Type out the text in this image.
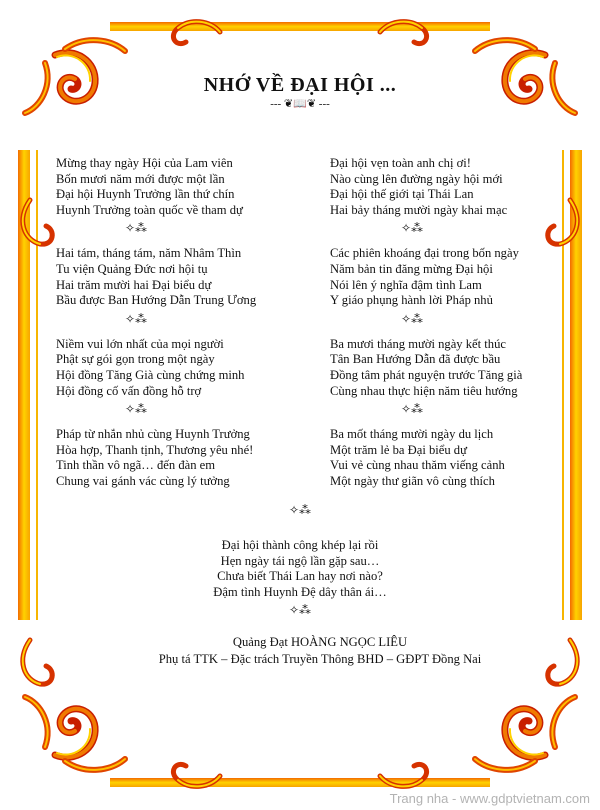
NHỚ VỀ ĐẠI HỘI ...
--- ❦📖❦ ---
Mừng thay ngày Hội của Lam viên
Bốn mươi năm mới được một lần
Đại hội Huynh Trưởng lần thứ chín
Huynh Trưởng toàn quốc về tham dự
✧⁂
Hai tám, tháng tám, năm Nhâm Thìn
Tu viện Quảng Đức nơi hội tụ
Hai trăm mười hai Đại biểu dự
Bầu được Ban Hướng Dẫn Trung Ương
✧⁂
Niềm vui lớn nhất của mọi người
Phật sự gói gọn trong một ngày
Hội đồng Tăng Già cùng chứng minh
Hội đồng cố vấn đồng hỗ trợ
✧⁂
Pháp từ nhắn nhủ cùng Huynh Trưởng
Hòa hợp, Thanh tịnh, Thương yêu nhé!
Tinh thần vô ngã… đến đàn em
Chung vai gánh vác cùng lý tưởng
Đại hội vẹn toàn anh chị ơi!
Nào cùng lên đường ngày hội mới
Đại hội thế giới tại Thái Lan
Hai bảy tháng mười ngày khai mạc
✧⁂
Các phiên khoáng đại trong bốn ngày
Năm bản tin đăng mừng Đại hội
Nói lên ý nghĩa đậm tình Lam
Y giáo phụng hành lời Pháp nhủ
✧⁂
Ba mươi tháng mười ngày kết thúc
Tân Ban Hướng Dẫn đã được bầu
Đồng tâm phát nguyện trước Tăng già
Cùng nhau thực hiện năm tiêu hướng
✧⁂
Ba mốt tháng mười ngày du lịch
Một trăm lẻ ba Đại biểu dự
Vui vẻ cùng nhau thăm viếng cảnh
Một ngày thư giãn vô cùng thích
✧⁂
Đại hội thành công khép lại rồi
Hẹn ngày tái ngộ lần gặp sau…
Chưa biết Thái Lan hay nơi nào?
Đậm tình Huynh Đệ dây thân ái…
✧⁂
Quảng Đạt HOÀNG NGỌC LIÊU
Phụ tá TTK – Đặc trách Truyền Thông BHD – GĐPT Đồng Nai
Trang nha - www.gdptvietnam.com
